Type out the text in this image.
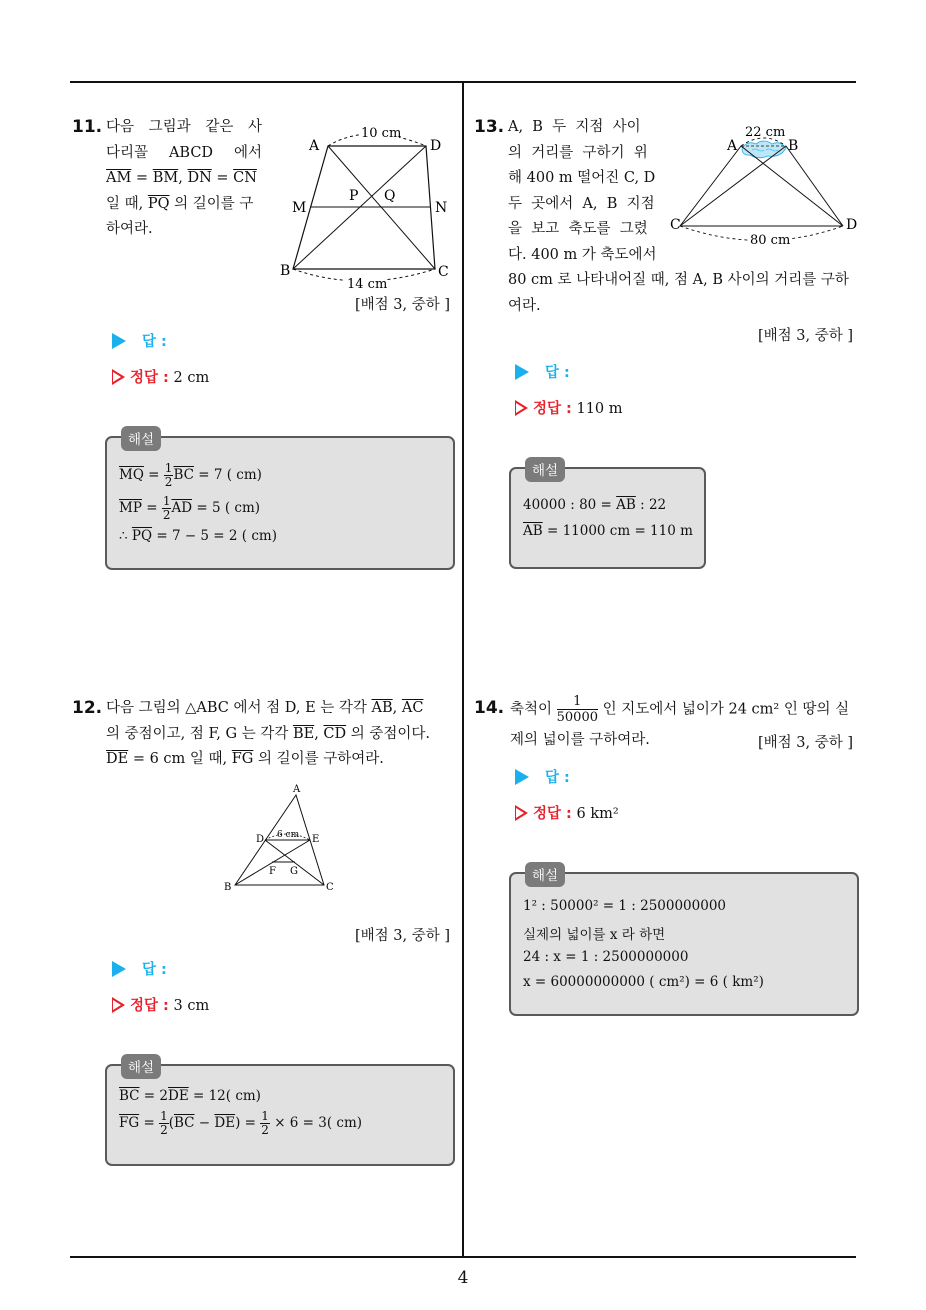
11. 다음 그림과 같은 사
다리꼴 ABCD 에서
$\overline{AM} = \overline{BM}$, $\overline{DN} = \overline{CN}$
일 때, $\overline{PQ}$ 의 길이를 구
하여라.
10 cm
14 cm
A	D
M	N
P Q
B	C
[배점 3, 중하 ]
답 :
정답 : 2 cm
해설
$\overline{MQ} = \frac{1}{2} \overline{BC} = 7$ ( cm)
$\overline{MP} = \frac{1}{2} \overline{AD} = 5$ ( cm)
∴ $\overline{PQ} = 7 - 5 = 2$ ( cm)
12. 다음 그림의 △ABC 에서 점 D, E 는 각각 $\overline{AB}$, $\overline{AC}$
의 중점이고, 점 F, G 는 각각 $\overline{BE}$, $\overline{CD}$ 의 중점이다.
$\overline{DE} = 6$ cm 일 때, $\overline{FG}$ 의 길이를 구하여라.
6 cm
A
D	E
F G
B	C
[배점 3, 중하 ]
답 :
정답 : 3 cm
해설
$\overline{BC} = 2\overline{DE} = 12$( cm)
$\overline{FG} = \frac{1}{2} (\overline{BC} - \overline{DE}) = \frac{1}{2} \times 6 = 3$( cm)
13. A,  B  두  지점  사이
의  거리를  구하기  위
해 400 m 떨어진 C, D
두  곳에서  A,  B  지점
을  보고  축도를  그렸
다. 400 m 가 축도에서
80 cm 로 나타내어질 때, 점 A, B 사이의 거리를 구하
여라.
80 cm
22 cm
A	B
C	D
[배점 3, 중하 ]
답 :
정답 : 110 m
해설
40000 : $80 = \overline{AB}$ : 22
$\overline{AB} = 11000$ cm = 110 m
14. 축척이 $\frac{1}{50000}$ 인 지도에서 넓이가 24 cm² 인 땅의 실
제의 넓이를 구하여라.	[배점 3, 중하 ]
답 :
정답 : 6 km²
해설
1² : 50000² = 1 : 2500000000
실제의 넓이를 x 라 하면
24 : x = 1 : 2500000000
x = 60000000000 ( cm²) = 6 ( km²)
4
